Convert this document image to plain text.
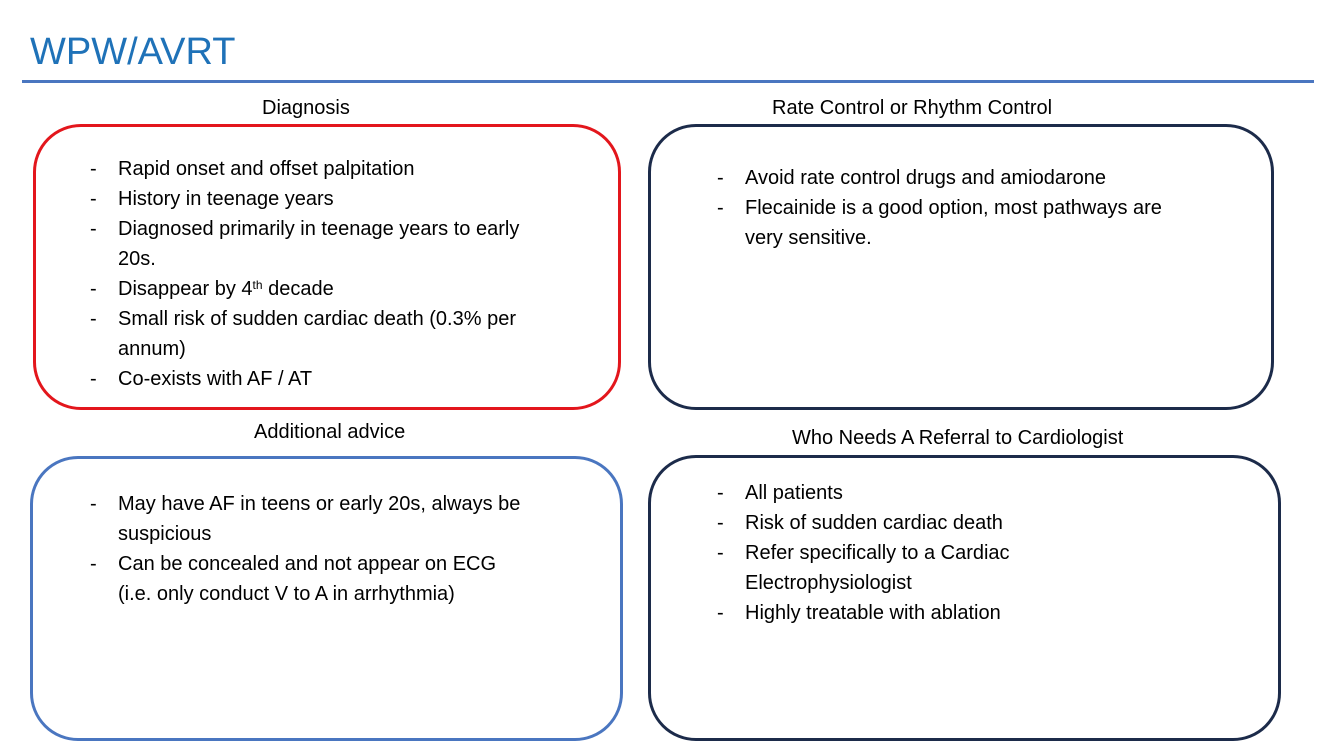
WPW/AVRT
Diagnosis
- Rapid onset and offset palpitation
- History in teenage years
- Diagnosed primarily in teenage years to early 20s.
- Disappear by 4th decade
- Small risk of sudden cardiac death (0.3% per annum)
- Co-exists with AF / AT
Rate Control or Rhythm Control
- Avoid rate control drugs and amiodarone
- Flecainide is a good option, most pathways are very sensitive.
Additional advice
- May have AF in teens or early 20s, always be suspicious
- Can be concealed and not appear on ECG (i.e. only conduct V to A in arrhythmia)
Who Needs A Referral to Cardiologist
- All patients
- Risk of sudden cardiac death
- Refer specifically to a Cardiac Electrophysiologist
- Highly treatable with ablation
